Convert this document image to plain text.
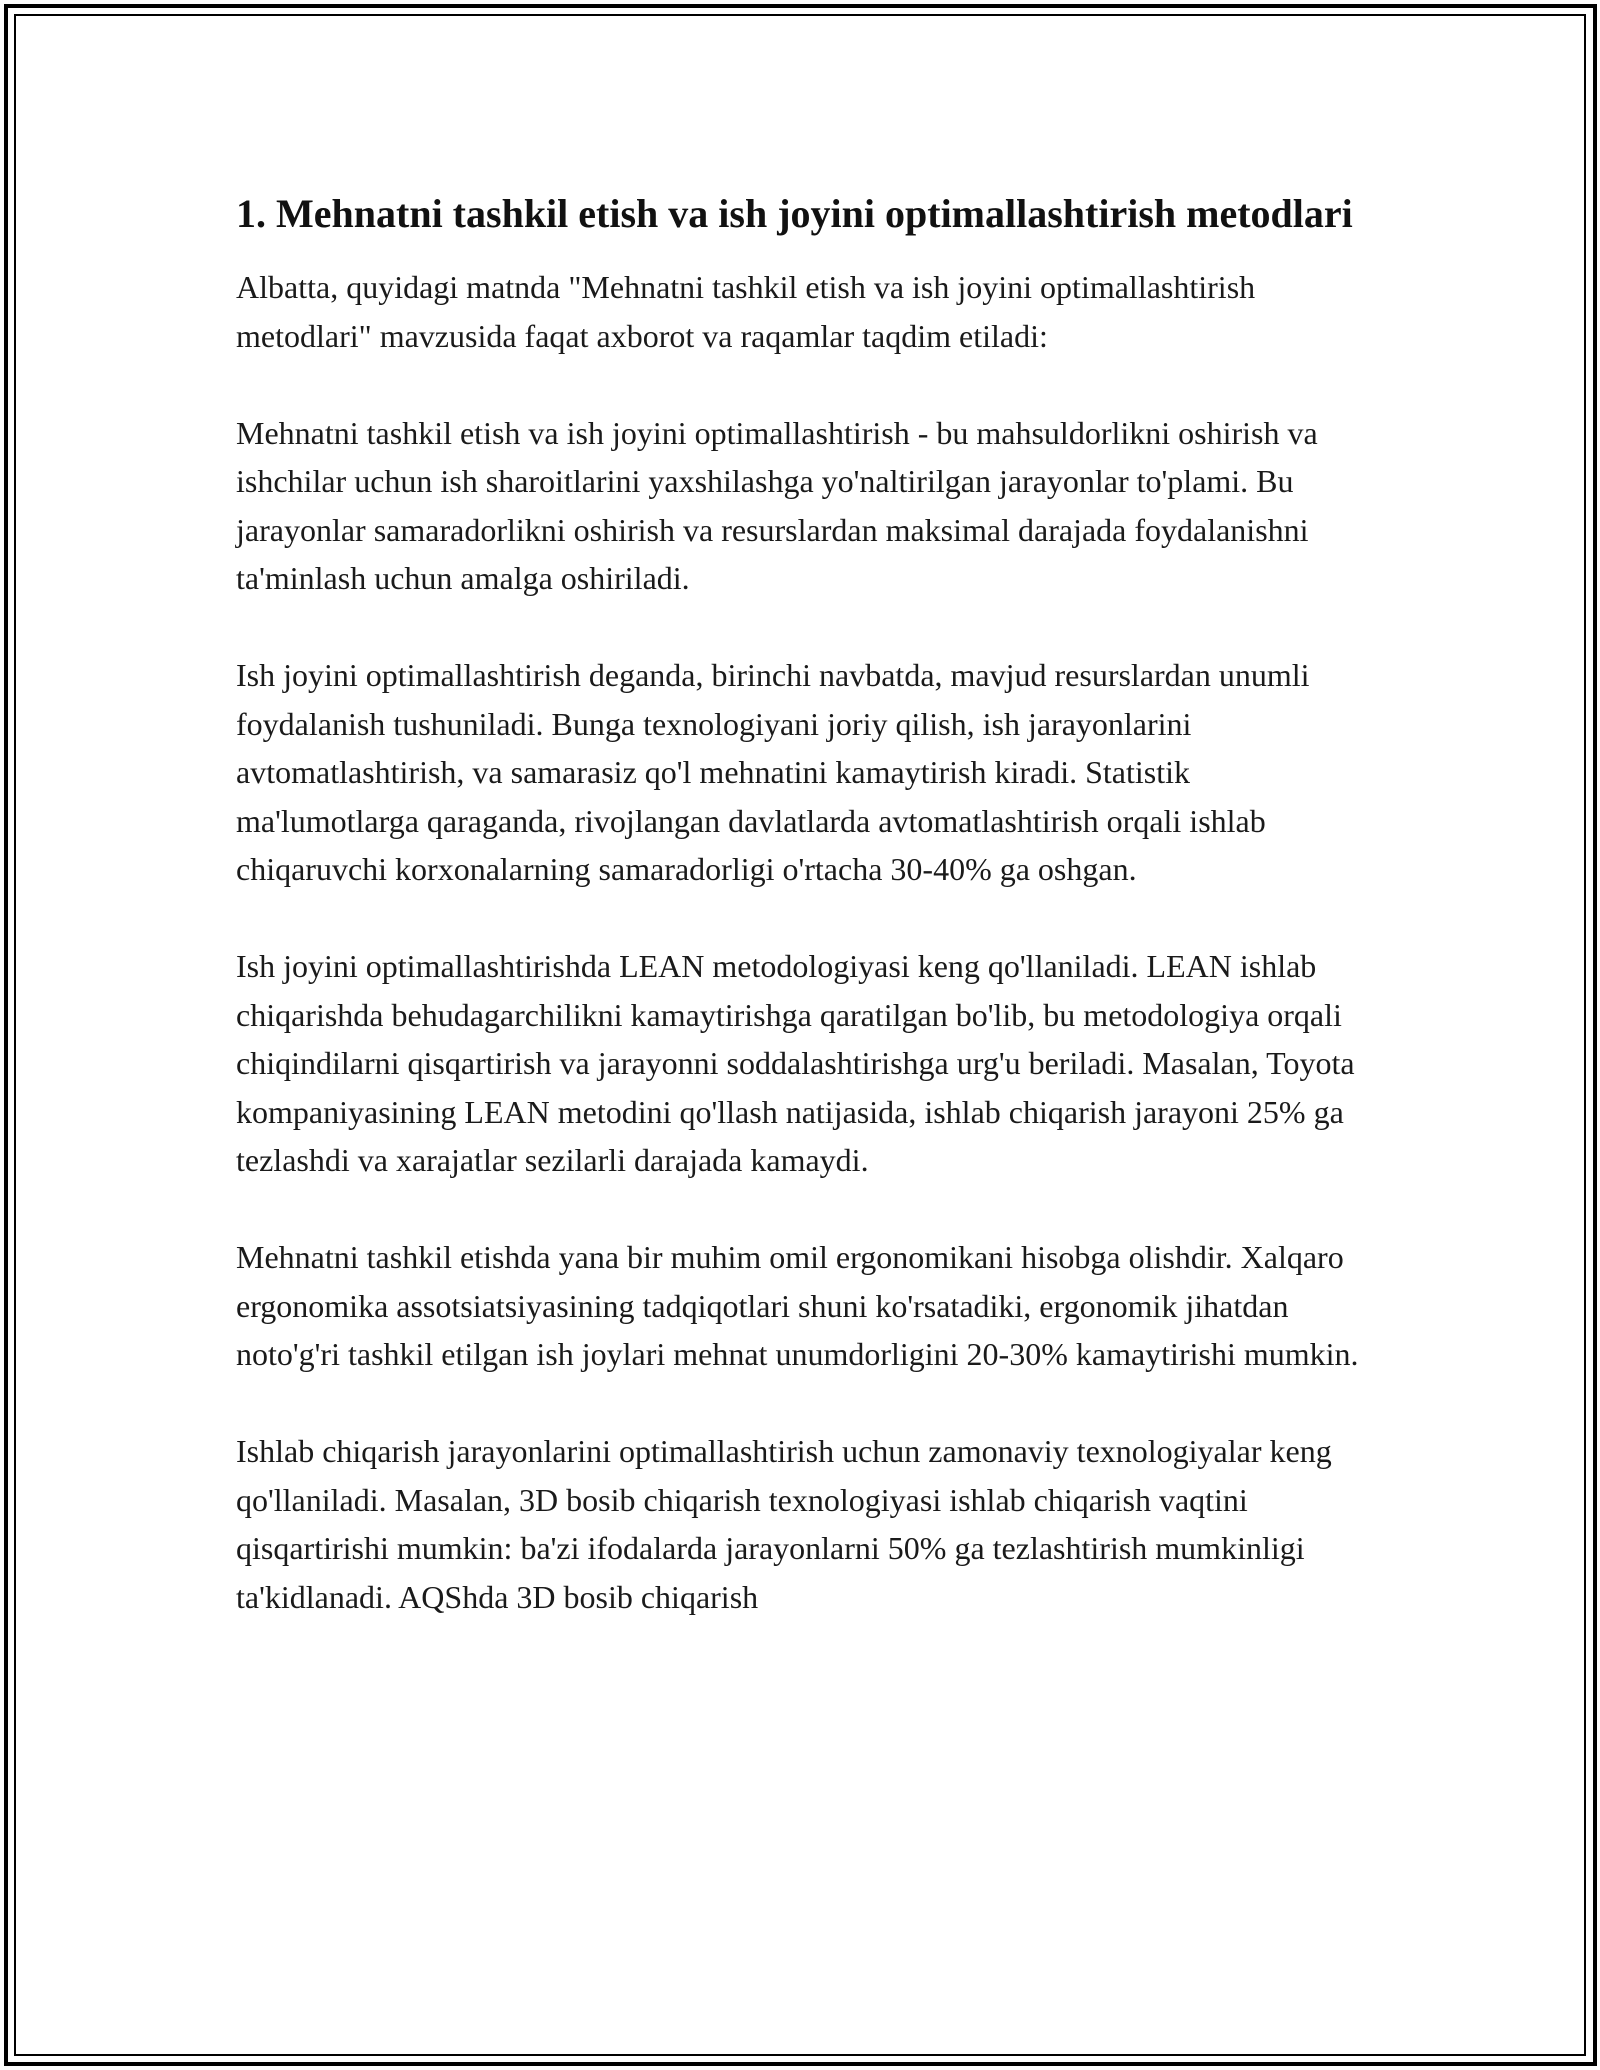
1. Mehnatni tashkil etish va ish joyini optimallashtirish metodlari

Albatta, quyidagi matnda "Mehnatni tashkil etish va ish joyini optimallashtirish metodlari" mavzusida faqat axborot va raqamlar taqdim etiladi:

Mehnatni tashkil etish va ish joyini optimallashtirish - bu mahsuldorlikni oshirish va ishchilar uchun ish sharoitlarini yaxshilashga yo'naltirilgan jarayonlar to'plami. Bu jarayonlar samaradorlikni oshirish va resurslardan maksimal darajada foydalanishni ta'minlash uchun amalga oshiriladi.

Ish joyini optimallashtirish deganda, birinchi navbatda, mavjud resurslardan unumli foydalanish tushuniladi. Bunga texnologiyani joriy qilish, ish jarayonlarini avtomatlashtirish, va samarasiz qo'l mehnatini kamaytirish kiradi. Statistik ma'lumotlarga qaraganda, rivojlangan davlatlarda avtomatlashtirish orqali ishlab chiqaruvchi korxonalarning samaradorligi o'rtacha 30-40% ga oshgan.

Ish joyini optimallashtirishda LEAN metodologiyasi keng qo'llaniladi. LEAN ishlab chiqarishda behudagarchilikni kamaytirishga qaratilgan bo'lib, bu metodologiya orqali chiqindilarni qisqartirish va jarayonni soddalashtirishga urg'u beriladi. Masalan, Toyota kompaniyasining LEAN metodini qo'llash natijasida, ishlab chiqarish jarayoni 25% ga tezlashdi va xarajatlar sezilarli darajada kamaydi.

Mehnatni tashkil etishda yana bir muhim omil ergonomikani hisobga olishdir. Xalqaro ergonomika assotsiatsiyasining tadqiqotlari shuni ko'rsatadiki, ergonomik jihatdan noto'g'ri tashkil etilgan ish joylari mehnat unumdorligini 20-30% kamaytirishi mumkin.

Ishlab chiqarish jarayonlarini optimallashtirish uchun zamonaviy texnologiyalar keng qo'llaniladi. Masalan, 3D bosib chiqarish texnologiyasi ishlab chiqarish vaqtini qisqartirishi mumkin: ba'zi ifodalarda jarayonlarni 50% ga tezlashtirish mumkinligi ta'kidlanadi. AQShda 3D bosib chiqarish
